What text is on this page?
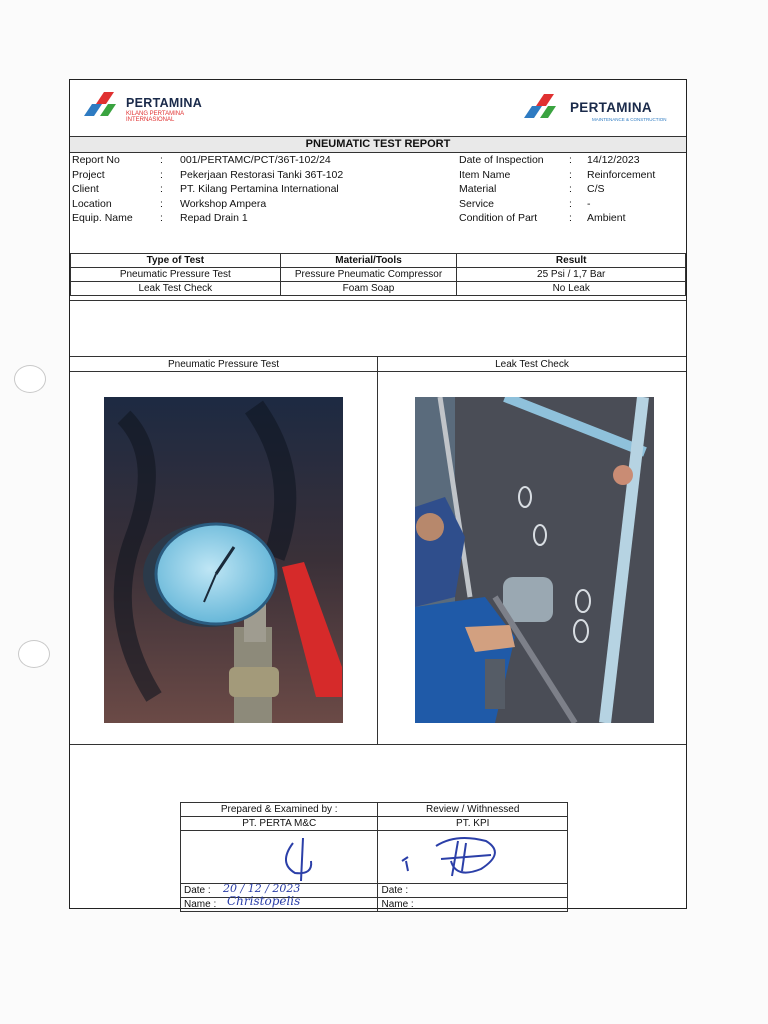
PERTAMINA
KILANG PERTAMINA INTERNASIONAL
PERTAMINA
MAINTENANCE & CONSTRUCTION
PNEUMATIC TEST REPORT
Report No	:	001/PERTAMC/PCT/36T-102/24
Project	:	Pekerjaan Restorasi Tanki 36T-102
Client	:	PT. Kilang Pertamina International
Location	:	Workshop Ampera
Equip. Name	:	Repad Drain 1
Date of Inspection	:	14/12/2023
Item Name	:	Reinforcement
Material	:	C/S
Service	:	-
Condition of Part	:	Ambient
Type of Test	Material/Tools	Result
Pneumatic Pressure Test	Pressure Pneumatic Compressor	25 Psi / 1,7 Bar
Leak Test Check	Foam Soap	No Leak
Pneumatic Pressure Test	Leak Test Check
Prepared & Examined by :	Review / Withnessed
PT. PERTA M&C	PT. KPI

Date : 20 / 12 / 2023	Date :
Name : Christopelis	Name :
